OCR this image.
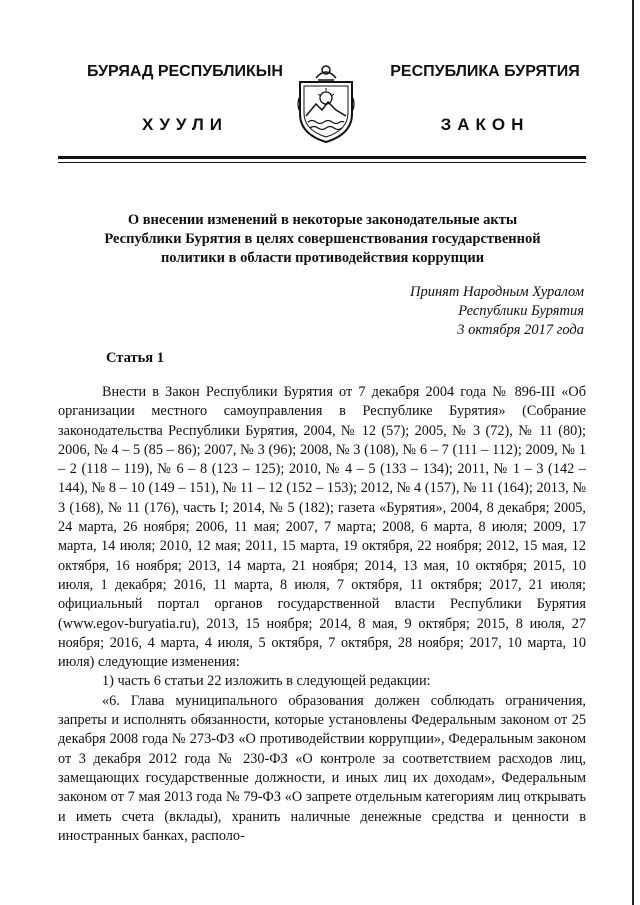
БУРЯАД РЕСПУБЛИКЫН	РЕСПУБЛИКА БУРЯТИЯ
ХУУЛИ	ЗАКОН
О внесении изменений в некоторые законодательные акты
Республики Бурятия в целях совершенствования государственной
политики в области противодействия коррупции
Принят Народным Хуралом
Республики Бурятия
3 октября 2017 года
Статья 1

Внести в Закон Республики Бурятия от 7 декабря 2004 года № 896-III «Об организации местного самоуправления в Республике Бурятия» (Собрание законодательства Республики Бурятия, 2004, № 12 (57); 2005, № 3 (72), № 11 (80); 2006, № 4 – 5 (85 – 86); 2007, № 3 (96); 2008, № 3 (108), № 6 – 7 (111 – 112); 2009, № 1 – 2 (118 – 119), № 6 – 8 (123 – 125); 2010, № 4 – 5 (133 – 134); 2011, № 1 – 3 (142 – 144), № 8 – 10 (149 – 151), № 11 – 12 (152 – 153); 2012, № 4 (157), № 11 (164); 2013, № 3 (168), № 11 (176), часть I; 2014, № 5 (182); газета «Бурятия», 2004, 8 декабря; 2005, 24 марта, 26 ноября; 2006, 11 мая; 2007, 7 марта; 2008, 6 марта, 8 июля; 2009, 17 марта, 14 июля; 2010, 12 мая; 2011, 15 марта, 19 октября, 22 ноября; 2012, 15 мая, 12 октября, 16 ноября; 2013, 14 марта, 21 ноября; 2014, 13 мая, 10 октября; 2015, 10 июля, 1 декабря; 2016, 11 марта, 8 июля, 7 октября, 11 октября; 2017, 21 июля; официальный портал органов государственной власти Республики Бурятия (www.egov-buryatia.ru), 2013, 15 ноября; 2014, 8 мая, 9 октября; 2015, 8 июля, 27 ноября; 2016, 4 марта, 4 июля, 5 октября, 7 октября, 28 ноября; 2017, 10 марта, 10 июля) следующие изменения:

1) часть 6 статьи 22 изложить в следующей редакции:

«6. Глава муниципального образования должен соблюдать ограничения, запреты и исполнять обязанности, которые установлены Федеральным законом от 25 декабря 2008 года № 273-ФЗ «О противодействии коррупции», Федеральным законом от 3 декабря 2012 года № 230-ФЗ «О контроле за соответствием расходов лиц, замещающих государственные должности, и иных лиц их доходам», Федеральным законом от 7 мая 2013 года № 79-ФЗ «О запрете отдельным категориям лиц открывать и иметь счета (вклады), хранить наличные денежные средства и ценности в иностранных банках, располо-
